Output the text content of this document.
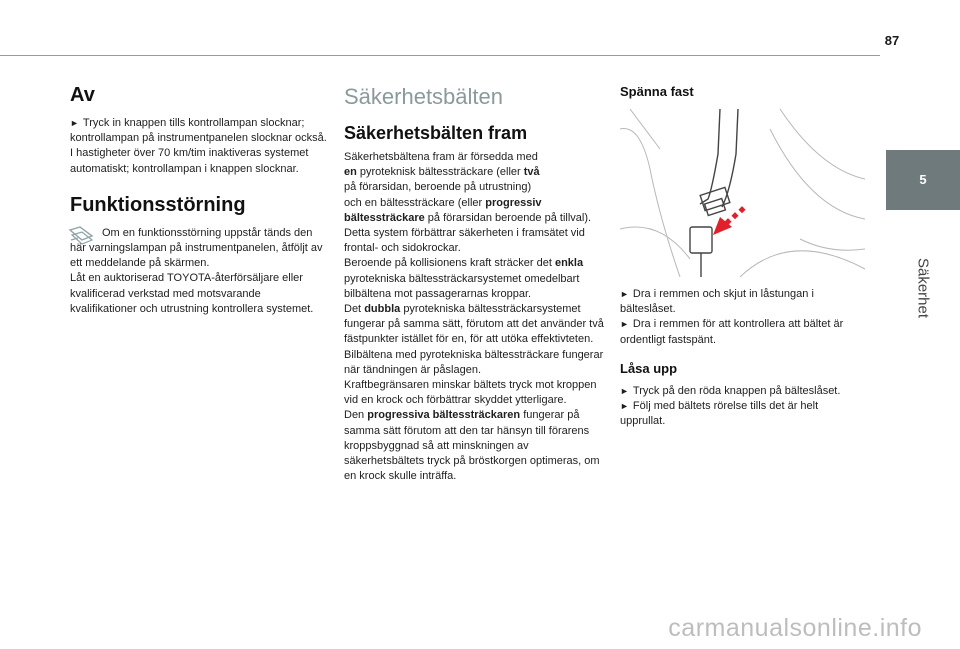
87
5
Säkerhet
Av

► Tryck in knappen tills kontrollampan slocknar; kontrollampan på instrumentpanelen slocknar också.

I hastigheter över 70 km/tim inaktiveras systemet automatiskt; kontrollampan i knappen slocknar.

Funktionsstörning

Om en funktionsstörning uppstår tänds den här varningslampan på instrumentpanelen, åtföljt av ett meddelande på skärmen.

Låt en auktoriserad TOYOTA-återförsäljare eller kvalificerad verkstad med motsvarande kvalifikationer och utrustning kontrollera systemet.

Säkerhetsbälten
Säkerhetsbälten fram

Säkerhetsbältena fram är försedda med
en pyroteknisk bältessträckare (eller två
på förarsidan, beroende på utrustning)
och en bältessträckare (eller progressiv bältessträckare på förarsidan beroende på tillval).

Detta system förbättrar säkerheten i framsätet vid frontal- och sidokrockar.

Beroende på kollisionens kraft sträcker det enkla pyrotekniska bältessträckarsystemet omedelbart bilbältena mot passagerarnas kroppar.

Det dubbla pyrotekniska bältessträckarsystemet fungerar på samma sätt, förutom att det använder två fästpunkter istället för en, för att utöka effektivteten.

Bilbältena med pyrotekniska bältessträckare fungerar när tändningen är påslagen.

Kraftbegränsaren minskar bältets tryck mot kroppen vid en krock och förbättrar skyddet ytterligare.

Den progressiva bältessträckaren fungerar på samma sätt förutom att den tar hänsyn till förarens kroppsbyggnad så att minskningen av säkerhetsbältets tryck på bröstkorgen optimeras, om en krock skulle inträffa.

Spänna fast

► Dra i remmen och skjut in låstungan i bälteslåset.

► Dra i remmen för att kontrollera att bältet är ordentligt fastspänt.

Låsa upp

► Tryck på den röda knappen på bälteslåset.

► Följ med bältets rörelse tills det är helt upprullat.

carmanualsonline.info
